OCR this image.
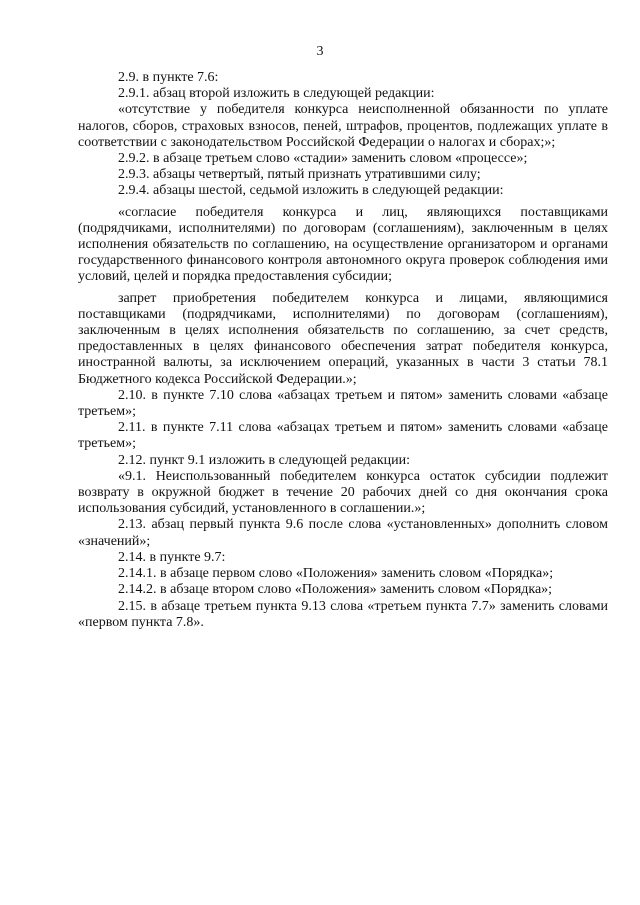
3

2.9. в пункте 7.6:

2.9.1. абзац второй изложить в следующей редакции:

«отсутствие у победителя конкурса неисполненной обязанности по уплате налогов, сборов, страховых взносов, пеней, штрафов, процентов, подлежащих уплате в соответствии с законодательством Российской Федерации о налогах и сборах;»;

2.9.2. в абзаце третьем слово «стадии» заменить словом «процессе»;

2.9.3. абзацы четвертый, пятый признать утратившими силу;

2.9.4. абзацы шестой, седьмой изложить в следующей редакции:

«согласие победителя конкурса и лиц, являющихся поставщиками (подрядчиками, исполнителями) по договорам (соглашениям), заключенным в целях исполнения обязательств по соглашению, на осуществление организатором и органами государственного финансового контроля автономного округа проверок соблюдения ими условий, целей и порядка предоставления субсидии;

запрет приобретения победителем конкурса и лицами, являющимися поставщиками (подрядчиками, исполнителями) по договорам (соглашениям), заключенным в целях исполнения обязательств по соглашению, за счет средств, предоставленных в целях финансового обеспечения затрат победителя конкурса, иностранной валюты, за исключением операций, указанных в части 3 статьи 78.1 Бюджетного кодекса Российской Федерации.»;

2.10. в пункте 7.10 слова «абзацах третьем и пятом» заменить словами «абзаце третьем»;

2.11. в пункте 7.11 слова «абзацах третьем и пятом» заменить словами «абзаце третьем»;

2.12. пункт 9.1 изложить в следующей редакции:

«9.1. Неиспользованный победителем конкурса остаток субсидии подлежит возврату в окружной бюджет в течение 20 рабочих дней со дня окончания срока использования субсидий, установленного в соглашении.»;

2.13. абзац первый пункта 9.6 после слова «установленных» дополнить словом «значений»;

2.14. в пункте 9.7:

2.14.1. в абзаце первом слово «Положения» заменить словом «Порядка»;

2.14.2. в абзаце втором слово «Положения» заменить словом «Порядка»;

2.15. в абзаце третьем пункта 9.13 слова «третьем пункта 7.7» заменить словами «первом пункта 7.8».
